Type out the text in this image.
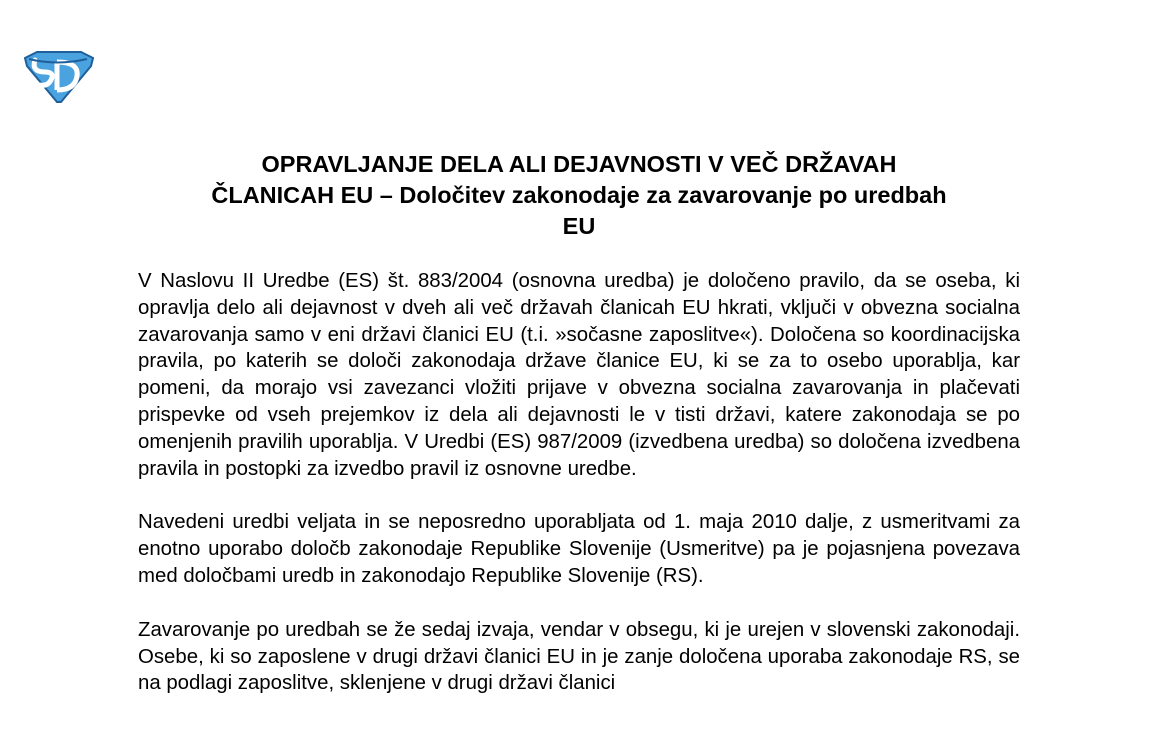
OPRAVLJANJE DELA ALI DEJAVNOSTI V VEČ DRŽAVAH
ČLANICAH EU – Določitev zakonodaje za zavarovanje po uredbah
EU

V Naslovu II Uredbe (ES) št. 883/2004 (osnovna uredba) je določeno pravilo, da se oseba, ki opravlja delo ali dejavnost v dveh ali več državah članicah EU hkrati, vključi v obvezna socialna zavarovanja samo v eni državi članici EU (t.i. »sočasne zaposlitve«). Določena so koordinacijska pravila, po katerih se določi zakonodaja države članice EU, ki se za to osebo uporablja, kar pomeni, da morajo vsi zavezanci vložiti prijave v obvezna socialna zavarovanja in plačevati prispevke od vseh prejemkov iz dela ali dejavnosti le v tisti državi, katere zakonodaja se po omenjenih pravilih uporablja. V Uredbi (ES) 987/2009 (izvedbena uredba) so določena izvedbena pravila in postopki za izvedbo pravil iz osnovne uredbe.

Navedeni uredbi veljata in se neposredno uporabljata od 1. maja 2010 dalje, z usmeritvami za enotno uporabo določb zakonodaje Republike Slovenije (Usmeritve) pa je pojasnjena povezava med določbami uredb in zakonodajo Republike Slovenije (RS).

Zavarovanje po uredbah se že sedaj izvaja, vendar v obsegu, ki je urejen v slovenski zakonodaji. Osebe, ki so zaposlene v drugi državi članici EU in je zanje določena uporaba zakonodaje RS, se na podlagi zaposlitve, sklenjene v drugi državi članici
